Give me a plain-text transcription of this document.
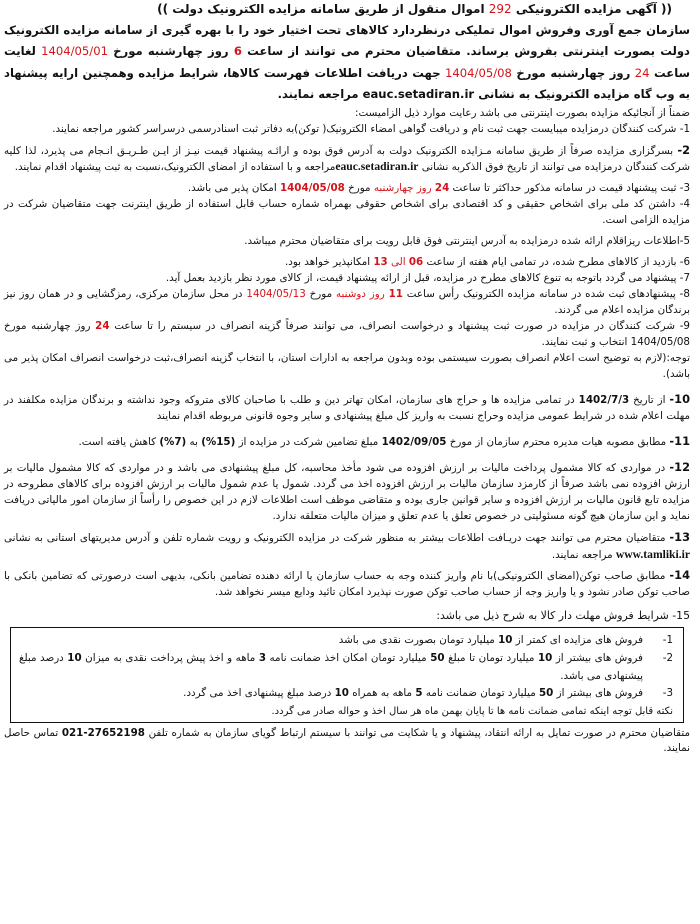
(( آگهی مزایده الکترونیکی 292 اموال منقول از طریق سامانه مزایده الکترونیک دولت ))
سازمان جمع آوری وفروش اموال تملیکی درنظردارد کالاهای تحت اختیار خود را با بهره گیری از سامانه مزایده الکترونیک دولت بصورت اینترنتی بفروش برساند. متقاضیان محترم می توانند از ساعت 6 روز چهارشنبه مورخ 1404/05/01 لغایت ساعت 24 روز چهارشنبه مورخ 1404/05/08 جهت دریافت اطلاعات فهرست کالاها، شرایط مزایده وهمچنین ارایه پیشنهاد به وب گاه مزایده الکترونیک به نشانی eauc.setadiran.ir مراجعه نمایند.

ضمناً از آنجائیکه مزایده بصورت اینترنتی می باشد رعایت موارد ذیل الزامیست:

1- شرکت کنندگان درمزایده میبایست جهت ثبت نام و دریافت گواهی امضاء الکترونیک( توکن)به دفاتر ثبت اسنادرسمی درسراسر کشور مراجعه نمایند.

2- بسرگزاری مزایده صرفاً از طریق سامانه مـزایده الکترونیک دولت به آدرس فوق بوده و ارائـه پیشنهاد قیمت نیـز از ایـن طـریـق انـجام می پذیرد، لذا کلیه شرکت کنندگان درمزایده می توانند از تاریخ فوق الذکربه نشانی eauc.setadiran.irمراجعه و با استفاده از امضای الکترونیک،نسبت به ثبت پیشنهاد اقدام نمایند.

3- ثبت پیشنهاد قیمت در سامانه مذکور حداکثر تا ساعت 24 روز چهارشنبه مورخ 1404/05/08 امکان پذیر می باشد.

4- داشتن کد ملی برای اشخاص حقیقی و کد اقتصادی برای اشخاص حقوقی بهمراه شماره حساب قابل استفاده از طریق اینترنت جهت متقاضیان شرکت در مزایده الزامی است.

5-اطلاعات ریزاقلام ارائه شده درمزایده به آدرس اینترنتی فوق قابل رویت برای متقاضیان محترم میباشد.

6- بازدید از کالاهای مطرح شده، در تمامی ایام هفته از ساعت 06 الی 13 امکانپذیر خواهد بود.

7- پیشنهاد می گردد باتوجه به تنوع کالاهای مطرح در مزایده، قبل از ارائه پیشنهاد قیمت، از کالای مورد نظر بازدید بعمل آید.

8- پیشنهادهای ثبت شده در سامانه مزایده الکترونیک رأس ساعت 11 روز دوشنبه مورخ 1404/05/13 در محل سازمان مرکزی، رمزگشایی و در همان روز نیز برندگان مزایده اعلام می گردند.

9- شرکت کنندگان در مزایده در صورت ثبت پیشنهاد و درخواست انصراف، می توانند صرفاً گزینه انصراف در سیستم را تا ساعت 24 روز چهارشنبه مورخ 1404/05/08 انتخاب و ثبت نمایند.

توجه:(لازم به توضیح است اعلام انصراف بصورت سیستمی بوده وبدون مراجعه به ادارات استان، با انتخاب گزینه انصراف،ثبت درخواست انصراف امکان پذیر می باشد).

10- از تاریخ 1402/7/3 در تمامی مزایده ها و حراج های سازمان، امکان تهاتر دین و طلب با صاحبان کالای متروکه وجود نداشته و برندگان مزایده مکلفند در مهلت اعلام شده در شرایط عمومی مزایده وحراج نسبت به واریز کل مبلغ پیشنهادی و سایر وجوه قانونی مربوطه اقدام نمایند

11- مطابق مصوبه هیات مدیره محترم سازمان از مورخ 1402/09/05 مبلغ تضامین شرکت در مزایده از (15%) به (7%) کاهش یافته است.

12- در مواردی که کالا مشمول پرداخت مالیات بر ارزش افزوده می شود مأخذ محاسبه، کل مبلغ پیشنهادی می باشد و در مواردی که کالا مشمول مالیات بر ارزش افزوده نمی باشد صرفاً از کارمزد سازمان مالیات بر ارزش افزوده اخذ می گردد. شمول یا عدم شمول مالیات بر ارزش افزوده برای کالاهای مطروحه در مزایده تابع قانون مالیات بر ارزش افزوده و سایر قوانین جاری بوده و متقاضی موظف است اطلاعات لازم در این خصوص را رأساً از سازمان امور مالیاتی دریافت نماید و این سازمان هیچ گونه مسئولیتی در خصوص تعلق یا عدم تعلق و میزان مالیات متعلقه ندارد.

13- متقاضیان محترم می توانند جهت دریـافت اطلاعات بیشتر به منظور شرکت در مزایده الکترونیک و رویت شماره تلفن و آدرس مدیریتهای استانی به نشانی www.tamliki.ir مراجعه نمایند.

14- مطابق صاحب توکن(امضای الکترونیکی)با نام واریز کننده وجه به حساب سازمان یا ارائه دهنده تضامین بانکی، بدیهی است درصورتی که تضامین بانکی با صاحب توکن صادر نشود و یا واریز وجه از حساب صاحب توکن صورت نپذیرد امکان تائید ودایع میسر نخواهد شد.

15- شرایط فروش مهلت دار کالا به شرح ذیل می باشد:

1-
فروش های مزایده ای کمتر از 10 میلیارد تومان بصورت نقدی می باشد
2-
فروش های بیشتر از 10 میلیارد تومان تا مبلغ 50 میلیارد تومان امکان اخذ ضمانت نامه 3 ماهه و اخذ پیش پرداخت نقدی به میزان 10 درصد مبلغ پیشنهادی می باشد.
3-
فروش های بیشتر از 50 میلیارد تومان ضمانت نامه 5 ماهه به همراه 10 درصد مبلغ پیشنهادی اخذ می گردد.
نکته قابل توجه اینکه تمامی ضمانت نامه ها تا پایان بهمن ماه هر سال اخذ و حواله صادر می گردد.
متقاضیان محترم در صورت تمایل به ارائه انتقاد، پیشنهاد و یا شکایت می توانند با سیستم ارتباط گویای سازمان به شماره تلفن 27652198-021 تماس حاصل نمایند.
